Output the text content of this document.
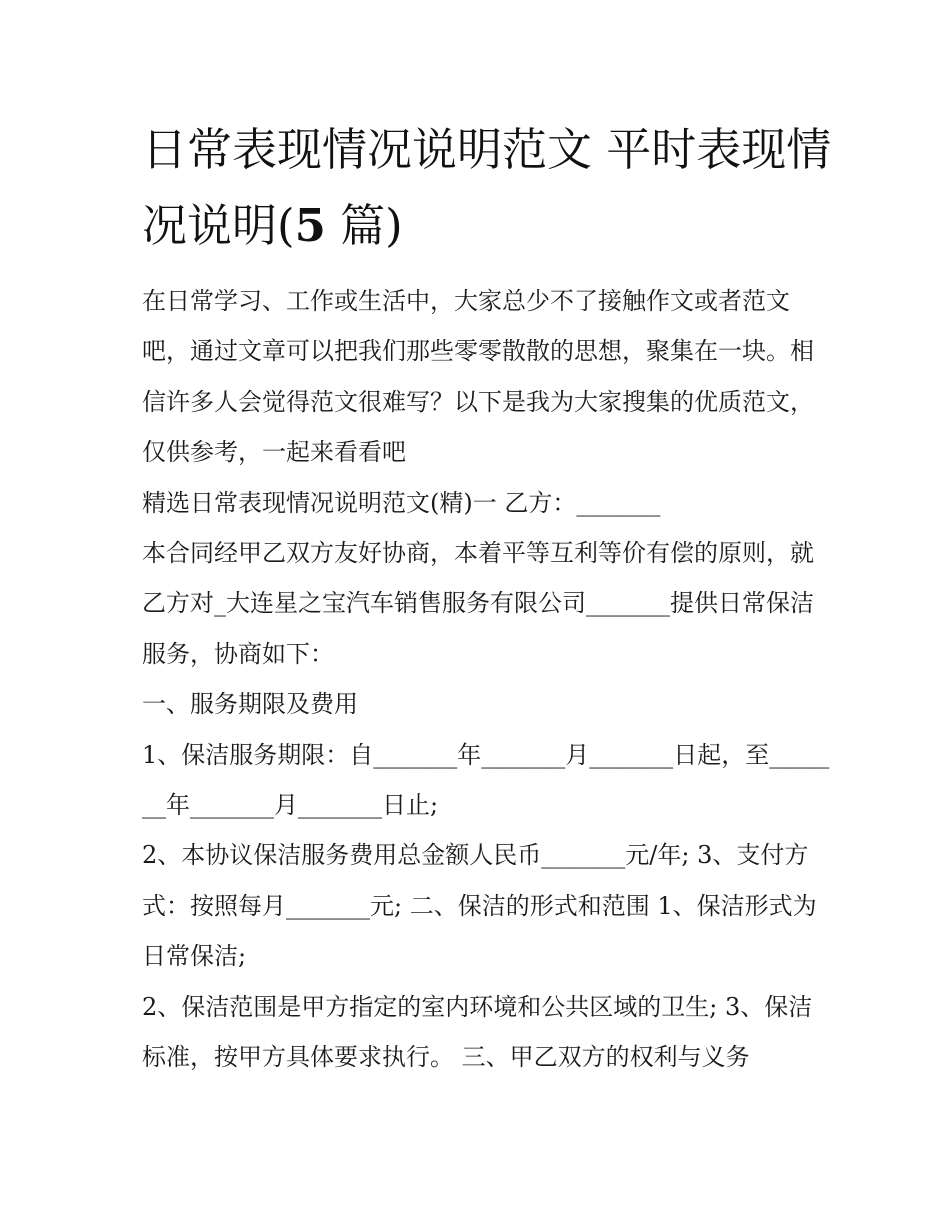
日常表现情况说明范文 平时表现情况说明(5 篇)

在日常学习、工作或生活中，大家总少不了接触作文或者范文吧，通过文章可以把我们那些零零散散的思想，聚集在一块。相信许多人会觉得范文很难写？以下是我为大家搜集的优质范文，仅供参考，一起来看看吧

精选日常表现情况说明范文(精)一 乙方：_______

本合同经甲乙双方友好协商，本着平等互利等价有偿的原则，就乙方对_大连星之宝汽车销售服务有限公司_______提供日常保洁服务，协商如下：

一、服务期限及费用

1、保洁服务期限：自_______年_______月_______日起，至_______年_______月_______日止;

2、本协议保洁服务费用总金额人民币_______元/年; 3、支付方式：按照每月_______元; 二、保洁的形式和范围 1、保洁形式为日常保洁;

2、保洁范围是甲方指定的室内环境和公共区域的卫生; 3、保洁标准，按甲方具体要求执行。 三、甲乙双方的权利与义务
